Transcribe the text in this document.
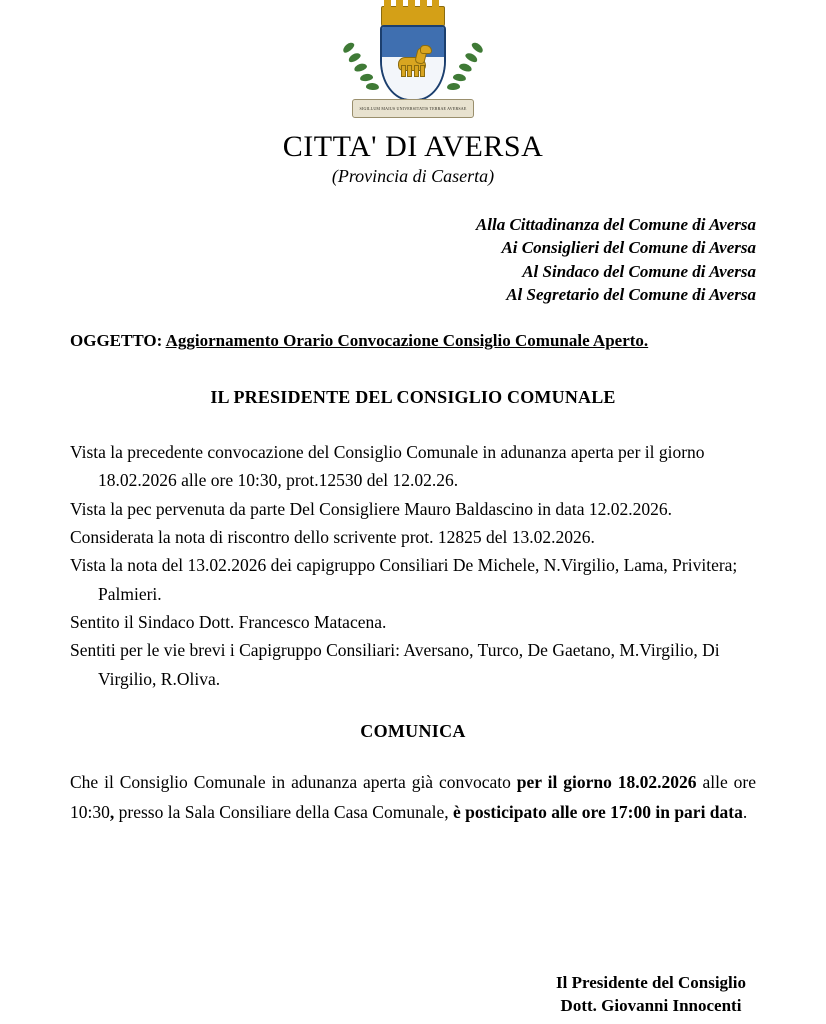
SIGILLUM MAIUS UNIVERSITATIS TERRAE AVERSAE
CITTA' DI AVERSA
(Provincia di Caserta)
Alla Cittadinanza del Comune di Aversa
Ai Consiglieri del Comune di Aversa
Al Sindaco del Comune di Aversa
Al Segretario del Comune di Aversa
OGGETTO: Aggiornamento Orario Convocazione Consiglio Comunale Aperto.
IL PRESIDENTE DEL CONSIGLIO COMUNALE

Vista la precedente convocazione del Consiglio Comunale in adunanza aperta per il giorno
18.02.2026 alle ore 10:30, prot.12530 del 12.02.26.

Vista la pec pervenuta da parte Del Consigliere Mauro Baldascino in data 12.02.2026.

Considerata la nota di riscontro dello scrivente prot. 12825 del 13.02.2026.

Vista la nota del 13.02.2026 dei capigruppo Consiliari De Michele, N.Virgilio, Lama, Privitera;
Palmieri.

Sentito il Sindaco Dott. Francesco Matacena.

Sentiti per le vie brevi i Capigruppo Consiliari: Aversano, Turco, De Gaetano, M.Virgilio, Di
Virgilio, R.Oliva.

COMUNICA
Che il Consiglio Comunale in adunanza aperta già convocato per il giorno 18.02.2026 alle ore 10:30, presso la Sala Consiliare della Casa Comunale, è posticipato alle ore 17:00 in pari data.
Il Presidente del Consiglio
Dott. Giovanni Innocenti
